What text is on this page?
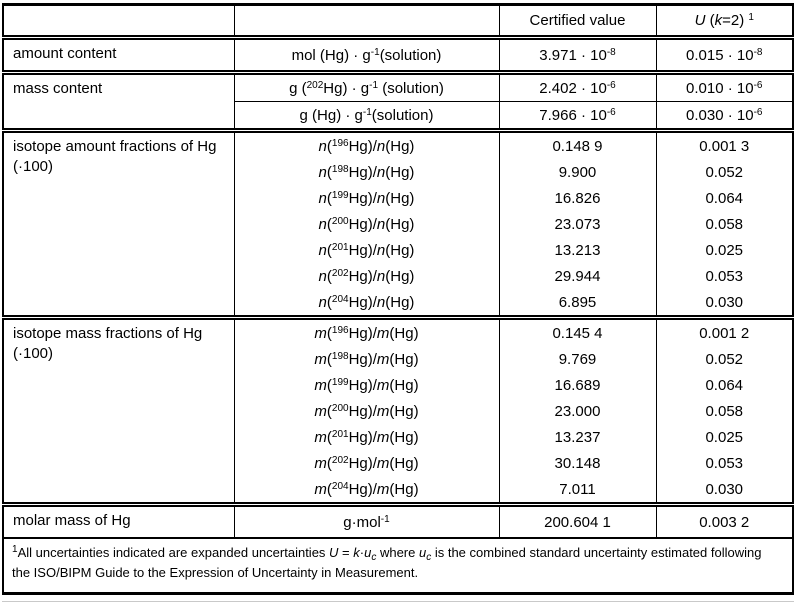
		Certified value	U (k=2) $^1$
amount content	mol $(Hg) \cdot g^{-1}(solution)$	$3.971 \cdot 10^{-8}$	$0.015 \cdot 10^{-8}$
mass content	g $(^{202}Hg) \cdot g^{-1}$ (solution)	$2.402 \cdot 10^{-6}$	$0.010 \cdot 10^{-6}$
	g $(Hg) \cdot g^{-1}(solution)$	$7.966 \cdot 10^{-6}$	$0.030 \cdot 10^{-6}$
isotope amount fractions of Hg
(·100)	n($^{196}$Hg)/n(Hg)	0.148 9	0.001 3
	n($^{198}$Hg)/n(Hg)	9.900	0.052
	n($^{199}$Hg)/n(Hg)	16.826	0.064
	n($^{200}$Hg)/n(Hg)	23.073	0.058
	n($^{201}$Hg)/n(Hg)	13.213	0.025
	n($^{202}$Hg)/n(Hg)	29.944	0.053
	n($^{204}$Hg)/n(Hg)	6.895	0.030
isotope mass fractions of Hg
(·100)	m($^{196}$Hg)/m(Hg)	0.145 4	0.001 2
	m($^{198}$Hg)/m(Hg)	9.769	0.052
	m($^{199}$Hg)/m(Hg)	16.689	0.064
	m($^{200}$Hg)/m(Hg)	23.000	0.058
	m($^{201}$Hg)/m(Hg)	13.237	0.025
	m($^{202}$Hg)/m(Hg)	30.148	0.053
	m($^{204}$Hg)/m(Hg)	7.011	0.030
molar mass of Hg	g·mol$^{-1}$	200.604 1	0.003 2
$^1$All uncertainties indicated are expanded uncertainties $U = k\cdot u_c$ where $u_c$ is the combined standard uncertainty estimated following the ISO/BIPM Guide to the Expression of Uncertainty in Measurement.			
